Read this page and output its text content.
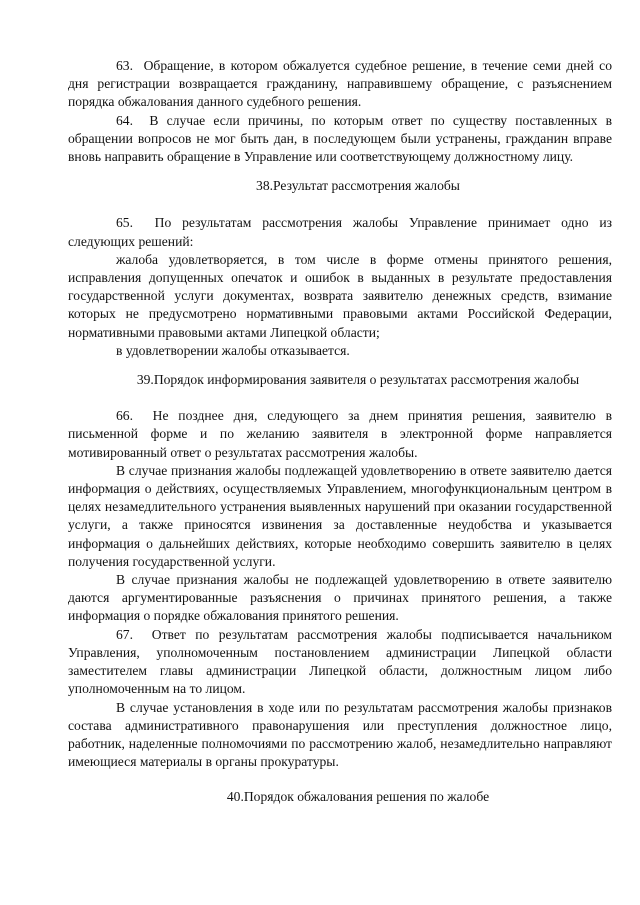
63.  Обращение, в котором обжалуется судебное решение, в течение семи дней со дня регистрации возвращается гражданину, направившему обращение, с разъяснением порядка обжалования данного судебного решения.

64.  В случае если причины, по которым ответ по существу поставленных в обращении вопросов не мог быть дан, в последующем были устранены, гражданин вправе вновь направить обращение в Управление или соответствующему должностному лицу.

38.Результат рассмотрения жалобы

65.  По результатам рассмотрения жалобы Управление принимает одно из следующих решений:

жалоба удовлетворяется, в том числе в форме отмены принятого решения, исправления допущенных опечаток и ошибок в выданных в результате предоставления государственной услуги документах, возврата заявителю денежных средств, взимание которых не предусмотрено нормативными правовыми актами Российской Федерации, нормативными правовыми актами Липецкой области;

в удовлетворении жалобы отказывается.

39.Порядок информирования заявителя о результатах рассмотрения жалобы

66.  Не позднее дня, следующего за днем принятия решения, заявителю в письменной форме и по желанию заявителя в электронной форме направляется мотивированный ответ о результатах рассмотрения жалобы.

В случае признания жалобы подлежащей удовлетворению в ответе заявителю дается информация о действиях, осуществляемых Управлением, многофункциональным центром в целях незамедлительного устранения выявленных нарушений при оказании государственной услуги, а также приносятся извинения за доставленные неудобства и указывается информация о дальнейших действиях, которые необходимо совершить заявителю в целях получения государственной услуги.

В случае признания жалобы не подлежащей удовлетворению в ответе заявителю даются аргументированные разъяснения о причинах принятого решения, а также информация о порядке обжалования принятого решения.

67.  Ответ по результатам рассмотрения жалобы подписывается начальником Управления, уполномоченным постановлением администрации Липецкой области заместителем главы администрации Липецкой области, должностным лицом либо уполномоченным на то лицом.

В случае установления в ходе или по результатам рассмотрения жалобы признаков состава административного правонарушения или преступления должностное лицо, работник, наделенные полномочиями по рассмотрению жалоб, незамедлительно направляют имеющиеся материалы в органы прокуратуры.

40.Порядок обжалования решения по жалобе
